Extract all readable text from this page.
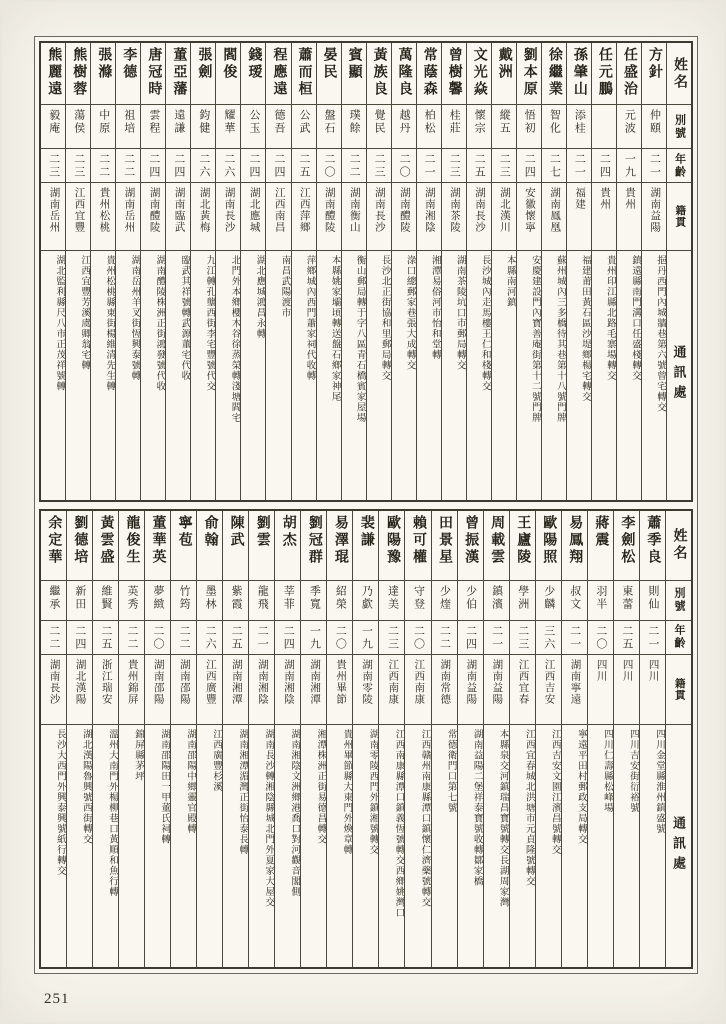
姓名
別號
年齡
籍貫
通訊處
方針
仲頤
二一
湖南益陽
挹丹西門內城牆巷第六號曾宅轉交
任盛治
元波
一九
貴州
鎮遠縣南門溝口任盛棧轉交
任元鵬
二四
貴州
貴州印江縣北路毛寨場轉交
孫肇山
添桂
二一
福建
福建莆田黃石區沙堤鄉楊宅轉交
徐繼業
智化
二七
湖南鳳凰
蘇州城內三多橋待其巷第十八號門牌
劉本原
悟初
二四
安徽懷寧
安慶建設門內寶善庵街第十二號門牌
戴洲
縱五
二三
湖北漢川
本縣南河鎮
文光焱
懷宗
二五
湖南長沙
長沙城內走馬樓王仁和棧轉交
曾樹馨
桂莊
二三
湖南茶陵
湖南茶陵坑口市郵局轉交
常蔭森
柏松
二一
湖南湘陰
湘潭易俗河市怡和堂轉
萬隆良
越丹
二〇
湖南醴陵
淥口總郵家巷張大成轉交
黃族良
覺民
二三
湖南長沙
長沙北正街協和里郵局轉交
賓顯
璞餘
二二
湖南衡山
衡山郵局轉于字八區青石橋賓家屋場
晏民
盤石
二〇
湖南醴陵
本縣姚家壩頃轉送盤石鄉家神尾
蕭而桓
公武
二五
江西萍鄉
萍鄉城內西門蕭家祠代收轉
程應遠
德吾
二四
江西南昌
南昌武陽渡市
錢瑷
公玉
二四
湖北應城
湖北應城鴻昌永轉
閻俊
耀華
二六
湖南長沙
北門外本鄉櫻木谷徐蒸榮轉淺塘閻宅
張劍
鈞健
二六
湖北黃梅
九江轉孔壟西街李宅豐號代交
董亞藩
遠謙
二四
湖南臨武
臨武其祥號轉武源董宅代收
唐冠時
雲程
二四
湖南醴陵
湖南醴陵株洲正街鴻發號代收
李德
祖培
二二
湖南岳州
湖南岳州羊叉街恆興泰號轉
張滌
中原
二二
貴州松桃
貴州松桃縣東街楊維清先生轉
熊樹蓉
蕩侯
二三
江西宜豐
江西宜豐芳溪虞卿翁宅轉
熊麗遠
毅庵
二三
湖南岳州
湖北監利縣尺八市正茂祥號轉
姓名
別號
年齡
籍貫
通訊處
蕭季良
則仙
二一
四川
四川金堂縣淮州鎮盛號
李劍松
東蕾
二五
四川
四川吉安街衍裕號
蔣震
羽半
二〇
四川
四川仁壽縣松峰場
易鳳翔
叔文
二一
湖南寧遠
寧遠平田村郵政支局轉交
歐陽照
少麟
三六
江西吉安
江西吉安文園江濱昌號轉交
王廬陵
學洲
二三
江西宜春
江西宜春城北洪塘市元貞隆號轉交
周載雲
鎮濱
二一
湖南益陽
本縣泉交河鎮瑞昌寶號轉交長湖周家灣
曾振漢
少伯
二四
湖南益陽
湖南益陽二堡祥泰寶號收轉鄒家橋
田景星
少煃
二二
湖南常德
常德衛門口第七號
賴可權
守登
二〇
江西南康
江西贛州南康縣潭口鎮懷仁濟藥號轉交
歐陽豫
達美
二三
江西南康
江西南康縣潭口鎮義恆號轉交西鄉姚灣口
裴謙
乃歔
一九
湖南零陵
湖南零陵西門外鎮湘號轉交
易澤琨
紹榮
二〇
貴州畢節
貴州畢節縣大東門外煥章轉
劉冠群
季寬
一九
湖南湘潭
湘潭株洲正街易德昌轉交
胡杰
莘菲
二四
湖南湘陰
湖南湘陰文洲鄉港喬口對河觀音閣側
劉雲
龍飛
二一
湖南湘陰
湖南長沙轉湘陰縣城北門外夏家大屋交
陳武
紫霞
二五
湖南湘潭
湖南湘潭湄灣正街怡泰長轉
俞翰
墨林
二六
江西廣豐
江西廣豐杉溪
寧苞
竹筠
二二
湖南邵陽
湖南邵陽中鄉靈官殿轉
董華英
夢緻
二〇
湖南邵陽
湖南邵陽田一甲董氏祠轉
龍俊生
英秀
二二
貴州錦屏
錦屏縣茅坪
黃雲盛
維賢
二五
浙江瑞安
溫州大南門外楊柳巷口黃順和魚行轉
劉德培
新田
二四
湖北漢陽
湖北漢陽魯興號西街轉交
余定華
繼承
二二
湖南長沙
長沙大西門外興泰興號紙行轉交
251
